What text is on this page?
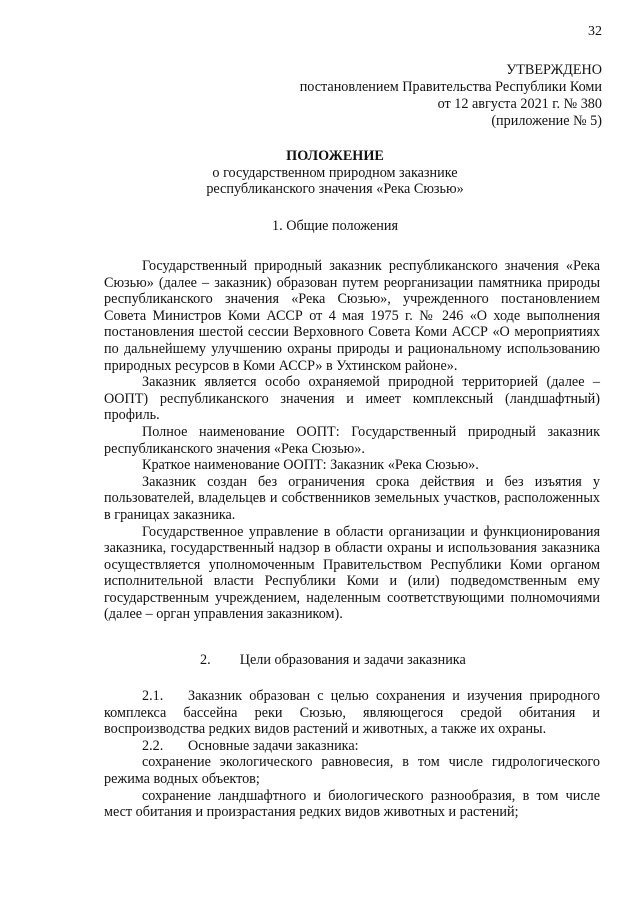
32
УТВЕРЖДЕНО
постановлением Правительства Республики Коми
от 12 августа 2021 г. № 380
(приложение № 5)
ПОЛОЖЕНИЕ
о государственном природном заказнике
республиканского значения «Река Сюзью»
1. Общие положения

Государственный природный заказник республиканского значения «Река Сюзью» (далее – заказник) образован путем реорганизации памятника природы республиканского значения «Река Сюзью», учрежденного постановлением Совета Министров Коми АССР от 4 мая 1975 г. № 246 «О ходе выполнения постановления шестой сессии Верховного Совета Коми АССР «О мероприятиях по дальнейшему улучшению охраны природы и рациональному использованию природных ресурсов в Коми АССР» в Ухтинском районе».

Заказник является особо охраняемой природной территорией (далее – ООПТ) республиканского значения и имеет комплексный (ландшафтный) профиль.

Полное наименование ООПТ: Государственный природный заказник республиканского значения «Река Сюзью».

Краткое наименование ООПТ: Заказник «Река Сюзью».

Заказник создан без ограничения срока действия и без изъятия у пользователей, владельцев и собственников земельных участков, расположенных в границах заказника.

Государственное управление в области организации и функционирования заказника, государственный надзор в области охраны и использования заказника осуществляется уполномоченным Правительством Республики Коми органом исполнительной власти Республики Коми и (или) подведомственным ему государственным учреждением, наделенным соответствующими полномочиями (далее – орган управления заказником).

2. Цели образования и задачи заказника

2.1. Заказник образован с целью сохранения и изучения природного комплекса бассейна реки Сюзью, являющегося средой обитания и воспроизводства редких видов растений и животных, а также их охраны.

2.2. Основные задачи заказника:

сохранение экологического равновесия, в том числе гидрологического режима водных объектов;

сохранение ландшафтного и биологического разнообразия, в том числе мест обитания и произрастания редких видов животных и растений;
